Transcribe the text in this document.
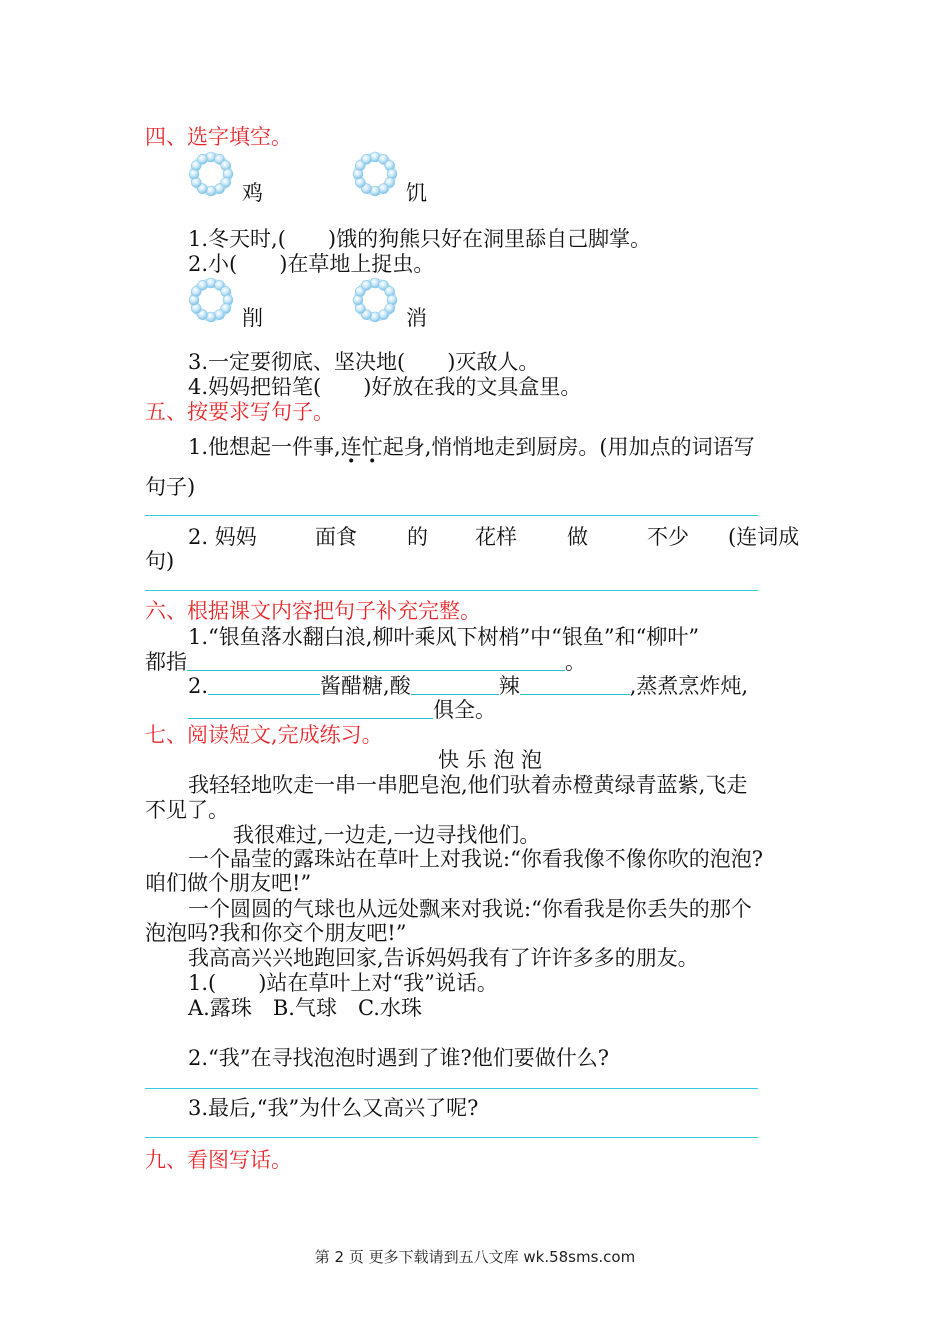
四、选字填空。
鸡	饥
1.冬天时,(　　)饿的狗熊只好在洞里舔自己脚掌。
2.小(　　)在草地上捉虫。
削	消
3.一定要彻底、坚决地(　　)灭敌人。
4.妈妈把铅笔(　　)好放在我的文具盒里。
五、按要求写句子。
1.他想起一件事,连忙起身,悄悄地走到厨房。(用加点的词语写
句子)
2. 妈妈	面食 的 花样 做	不少 (连词成
句)
六、根据课文内容把句子补充完整。
1.“银鱼落水翻白浪,柳叶乘风下树梢”中“银鱼”和“柳叶”
都指	。
2.	酱醋糖,酸	辣	,蒸煮烹炸炖,
俱全。
七、阅读短文,完成练习。
快 乐 泡 泡
我轻轻地吹走一串一串肥皂泡,他们驮着赤橙黄绿青蓝紫,飞走
不见了。
我很难过,一边走,一边寻找他们。
一个晶莹的露珠站在草叶上对我说:“你看我像不像你吹的泡泡?
咱们做个朋友吧!”
一个圆圆的气球也从远处飘来对我说:“你看我是你丢失的那个
泡泡吗?我和你交个朋友吧!”
我高高兴兴地跑回家,告诉妈妈我有了许许多多的朋友。
1.(　　)站在草叶上对“我”说话。
A.露珠　B.气球　C.水珠
2.“我”在寻找泡泡时遇到了谁?他们要做什么?
3.最后,“我”为什么又高兴了呢?
九、看图写话。
第 2 页 更多下载请到五八文库 wk.58sms.com
